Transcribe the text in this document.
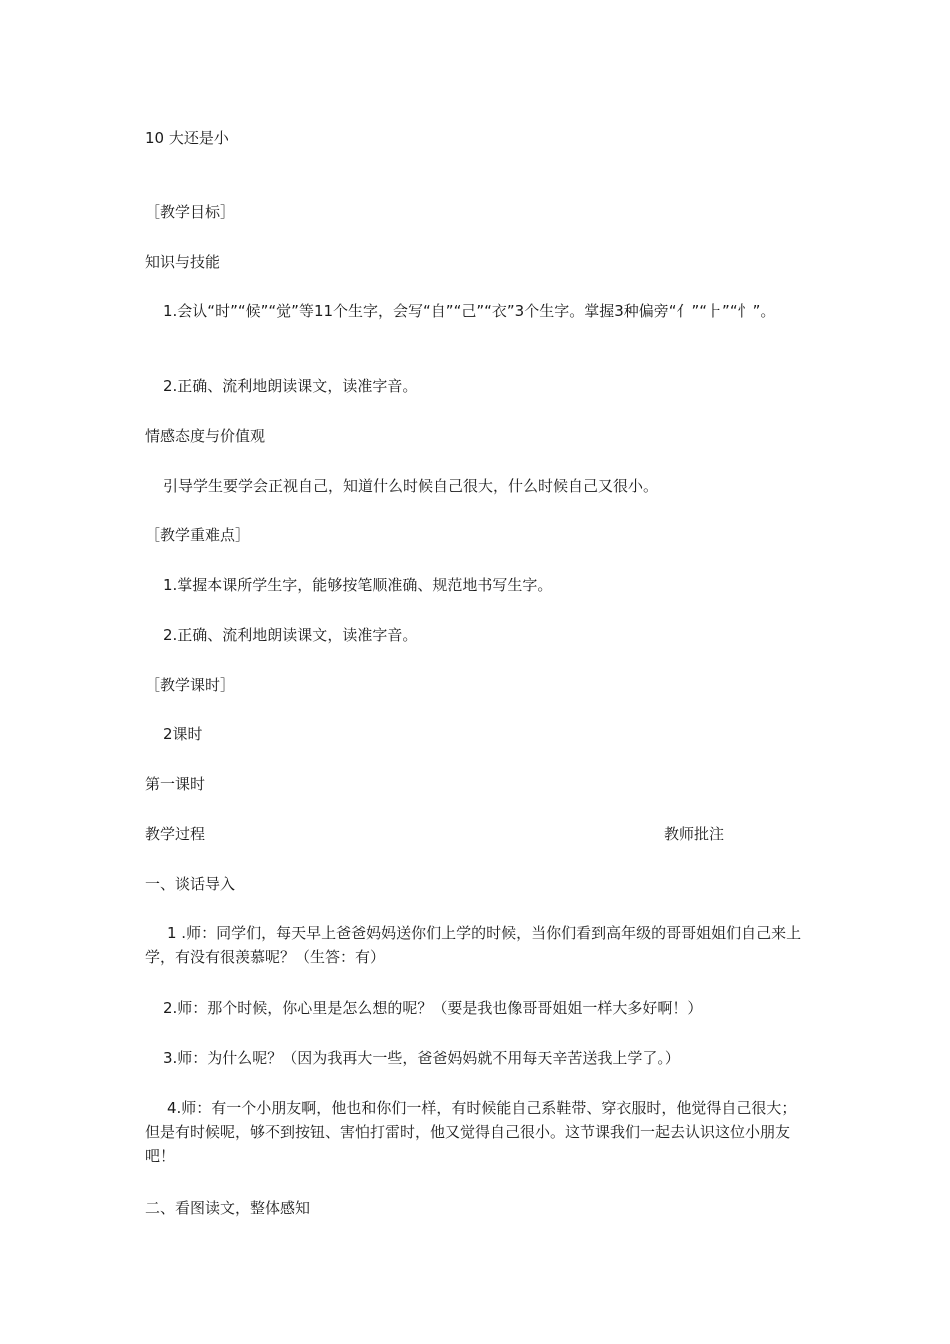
10 大还是小
［教学目标］
知识与技能
1.会认“时”“候”“觉”等11个生字，会写“自”“己”“衣”3个生字。掌握3种偏旁“亻”“⺊”“忄”。
2.正确、流利地朗读课文，读准字音。
情感态度与价值观
引导学生要学会正视自己，知道什么时候自己很大，什么时候自己又很小。
［教学重难点］
1.掌握本课所学生字，能够按笔顺准确、规范地书写生字。
2.正确、流利地朗读课文，读准字音。
［教学课时］
2课时
第一课时
教学过程	教师批注
一、谈话导入
1 .师：同学们，每天早上爸爸妈妈送你们上学的时候，当你们看到高年级的哥哥姐姐们自己来上学，有没有很羡慕呢？（生答：有）
2.师：那个时候，你心里是怎么想的呢？（要是我也像哥哥姐姐一样大多好啊！）
3.师：为什么呢？（因为我再大一些，爸爸妈妈就不用每天辛苦送我上学了。）
4.师：有一个小朋友啊，他也和你们一样，有时候能自己系鞋带、穿衣服时，他觉得自己很大；但是有时候呢，够不到按钮、害怕打雷时，他又觉得自己很小。这节课我们一起去认识这位小朋友吧！
二、看图读文，整体感知
